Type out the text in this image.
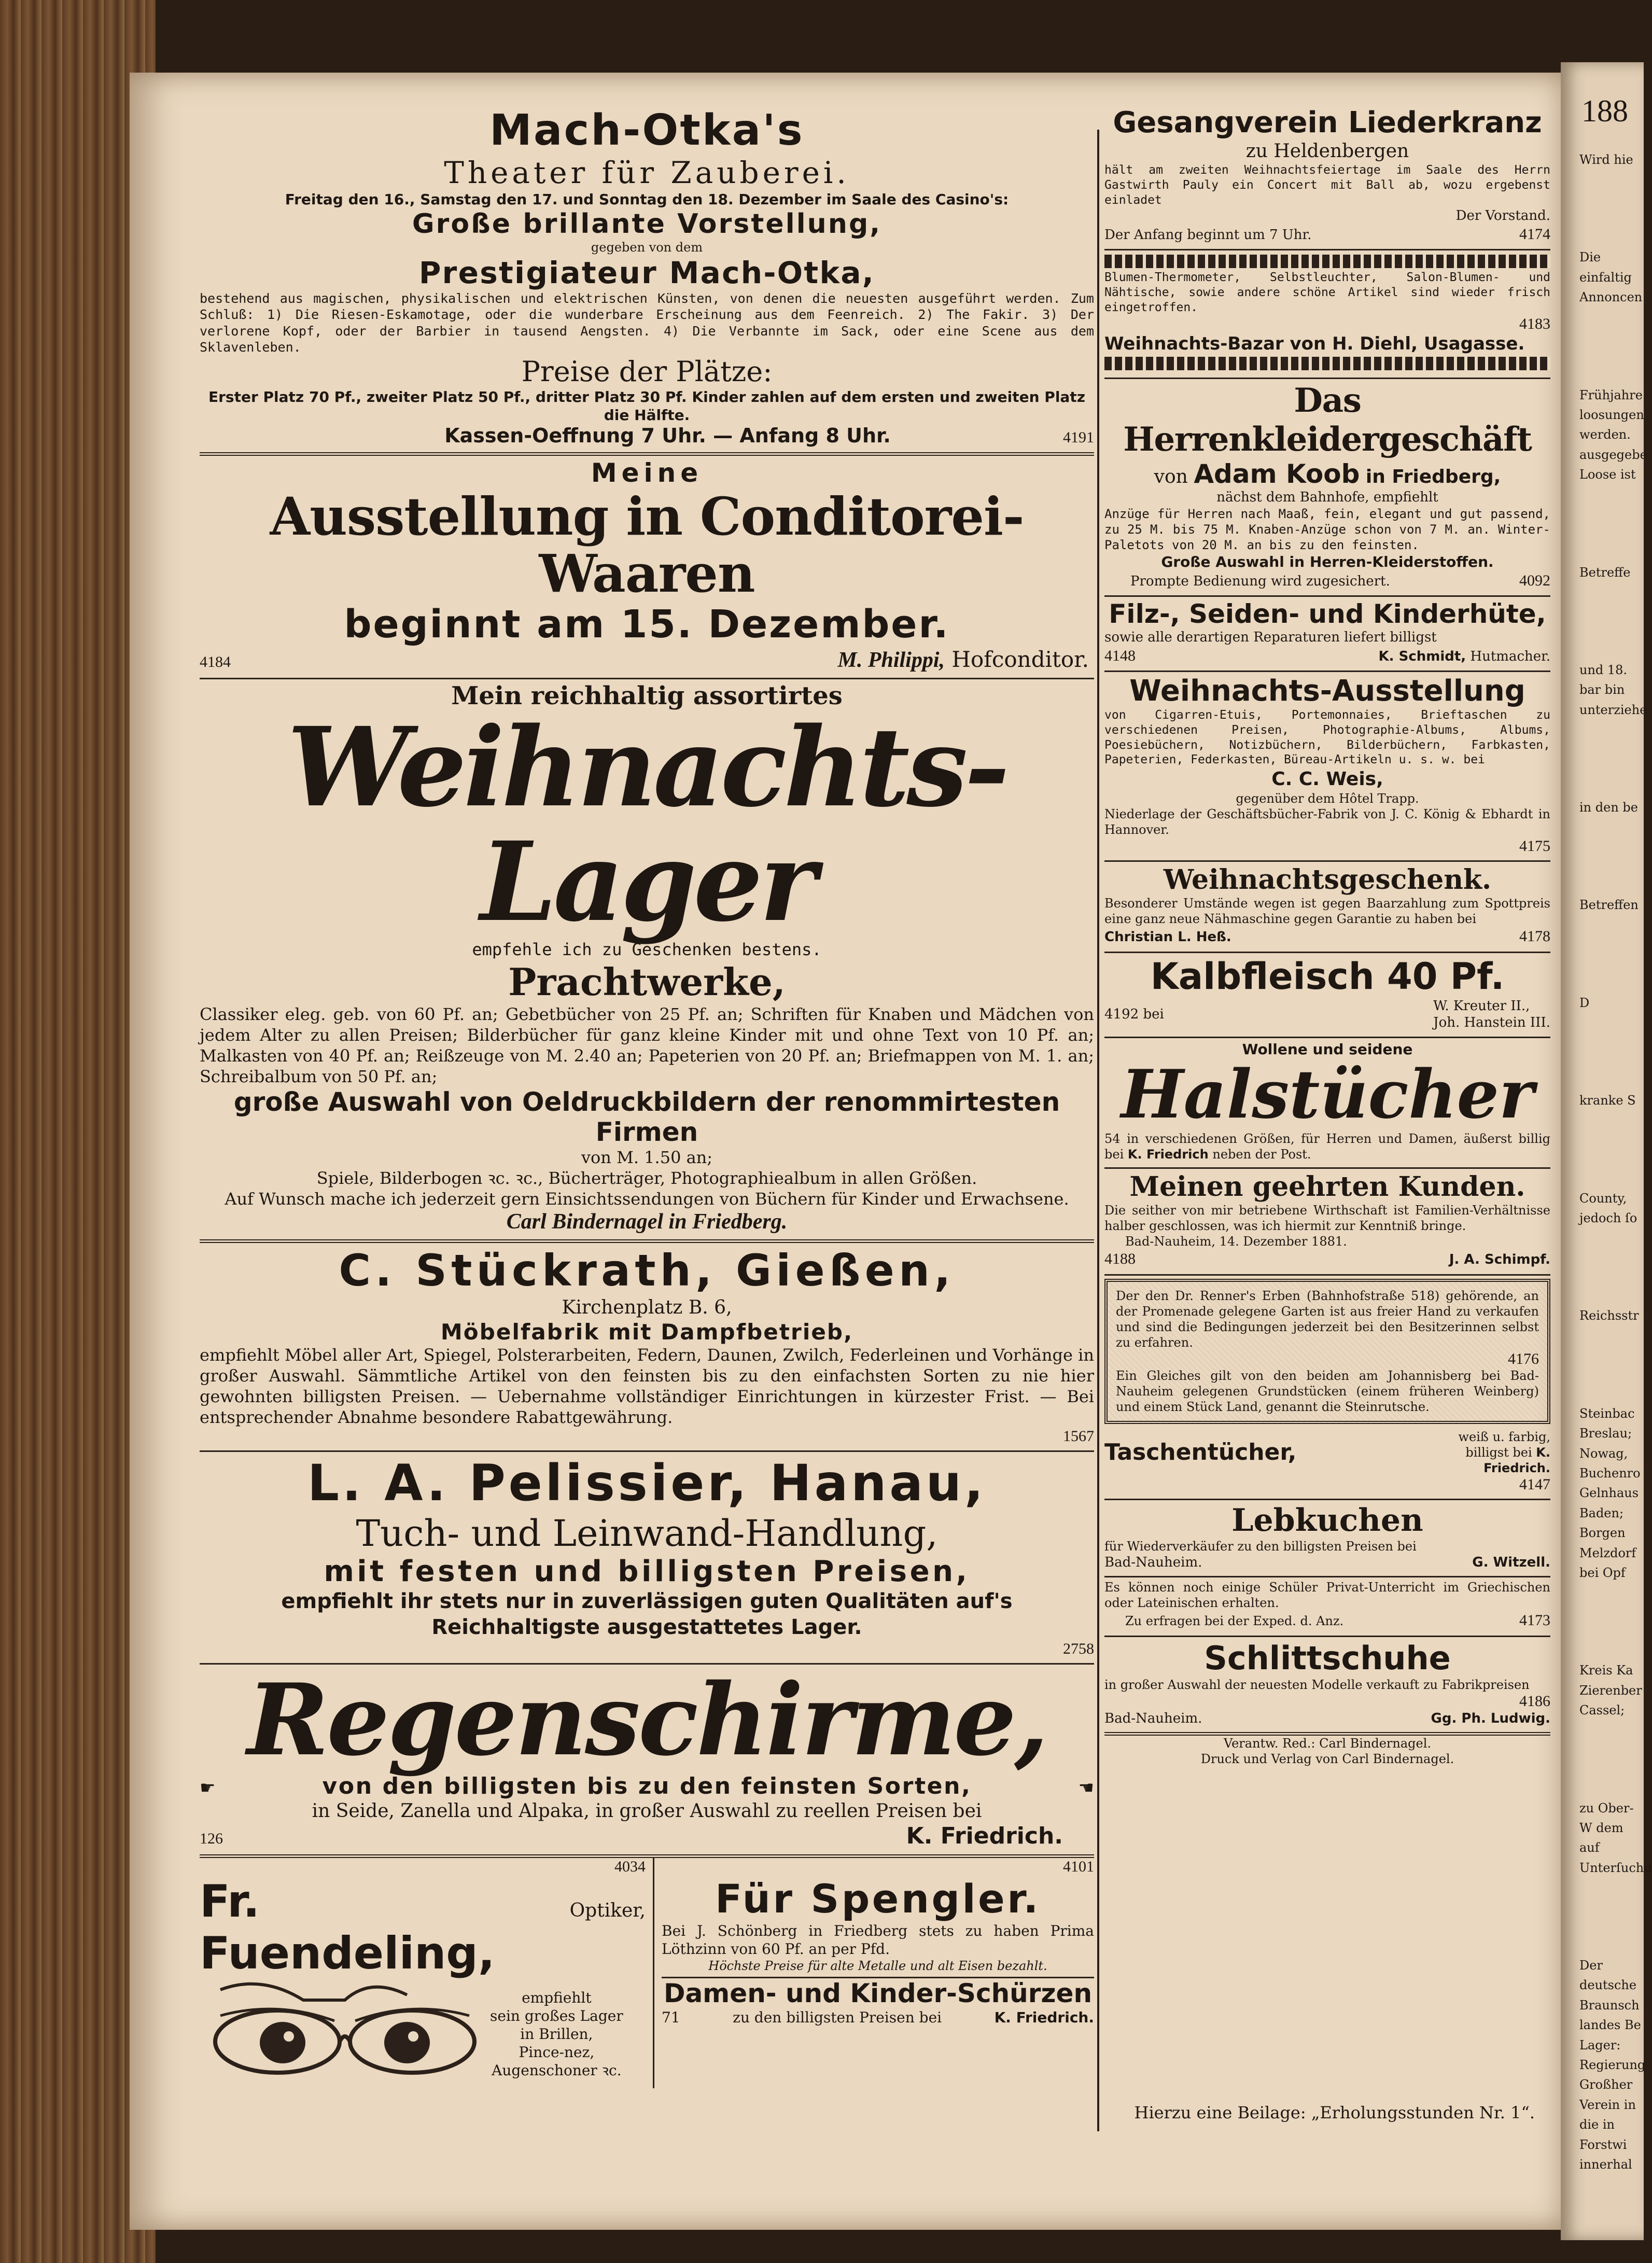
188
Wird hie
Die einfaltig Annoncen
Frühjahre loosungen werden. ausgegebe Loose ist
Betreffe
und 18. bar bin unterziehe
in den be
Betreffen
D
kranke S
County, jedoch ſo
Reichsstr
Steinbac Breslau; Nowag, Buchenro Gelnhaus Baden; Borgen Melzdorf bei Opf
Kreis Ka Zierenber Cassel;
zu Ober-W dem auf Unterſuchu
Der deutsche Braunsch landes Be Lager: Regierung Großher Verein in die in Forstwi innerhal
Mach-Otka's
Theater für Zauberei.
Freitag den 16., Samstag den 17. und Sonntag den 18. Dezember im Saale des Casino's:
Große brillante Vorstellung,
gegeben von dem
Prestigiateur Mach-Otka,
bestehend aus magischen, physikalischen und elektrischen Künsten, von denen die neuesten ausgeführt werden. Zum Schluß: 1) Die Riesen-Eskamotage, oder die wunderbare Erscheinung aus dem Feenreich. 2) The Fakir. 3) Der verlorene Kopf, oder der Barbier in tausend Aengsten. 4) Die Verbannte im Sack, oder eine Scene aus dem Sklavenleben.
Preise der Plätze:
Erster Platz 70 Pf., zweiter Platz 50 Pf., dritter Platz 30 Pf. Kinder zahlen auf dem ersten und zweiten Platz die Hälfte.
Kassen-Oeffnung 7 Uhr. — Anfang 8 Uhr.	4191
Meine
Ausstellung in Conditorei-Waaren
beginnt am 15. Dezember.
4184	M. Philippi, Hofconditor.
Mein reichhaltig assortirtes
Weihnachts-Lager
empfehle ich zu Geschenken bestens.
Prachtwerke,
Classiker eleg. geb. von 60 Pf. an; Gebetbücher von 25 Pf. an; Schriften für Knaben und Mädchen von jedem Alter zu allen Preisen; Bilderbücher für ganz kleine Kinder mit und ohne Text von 10 Pf. an; Malkasten von 40 Pf. an; Reißzeuge von M. 2.40 an; Papeterien von 20 Pf. an; Briefmappen von M. 1. an; Schreibalbum von 50 Pf. an;
große Auswahl von Oeldruckbildern der renommirtesten Firmen
von M. 1.50 an;
Spiele, Bilderbogen ꝛc. ꝛc., Bücherträger, Photographiealbum in allen Größen.
Auf Wunsch mache ich jederzeit gern Einsichtssendungen von Büchern für Kinder und Erwachsene.
Carl Bindernagel in Friedberg.
C. Stückrath, Gießen,
Kirchenplatz B. 6,
Möbelfabrik mit Dampfbetrieb,
empfiehlt Möbel aller Art, Spiegel, Polsterarbeiten, Federn, Daunen, Zwilch, Federleinen und Vorhänge in großer Auswahl. Sämmtliche Artikel von den feinsten bis zu den einfachsten Sorten zu nie hier gewohnten billigsten Preisen. — Uebernahme vollständiger Einrichtungen in kürzester Frist. — Bei entsprechender Abnahme besondere Rabattgewährung.
1567
L. A. Pelissier, Hanau,
Tuch- und Leinwand-Handlung,
mit festen und billigsten Preisen,
empfiehlt ihr stets nur in zuverlässigen guten Qualitäten auf's Reichhaltigste ausgestattetes Lager.
2758
Regenschirme,
☛	von den billigsten bis zu den feinsten Sorten,	☚
in Seide, Zanella und Alpaka, in großer Auswahl zu reellen Preisen bei
126	K. Friedrich.
4034
Fr. Fuendeling,
Optiker,
empfiehlt
sein großes Lager
in Brillen,
Pince-nez,
Augenschoner ꝛc.
4101
Für Spengler.
Bei J. Schönberg in Friedberg stets zu haben Prima Löthzinn von 60 Pf. an per Pfd.
Höchste Preise für alte Metalle und alt Eisen bezahlt.
Damen- und Kinder-Schürzen
71	zu den billigsten Preisen bei	K. Friedrich.
Gesangverein Liederkranz
zu Heldenbergen
hält am zweiten Weihnachtsfeiertage im Saale des Herrn Gastwirth Pauly ein Concert mit Ball ab, wozu ergebenst einladet
Der Vorstand.
Der Anfang beginnt um 7 Uhr.	4174
Blumen-Thermometer, Selbstleuchter, Salon-Blumen- und Nähtische, sowie andere schöne Artikel sind wieder frisch eingetroffen.
4183
Weihnachts-Bazar von H. Diehl, Usagasse.
Das Herrenkleidergeschäft
von Adam Koob in Friedberg,
nächst dem Bahnhofe, empfiehlt
Anzüge für Herren nach Maaß, fein, elegant und gut passend, zu 25 M. bis 75 M. Knaben-Anzüge schon von 7 M. an. Winter-Paletots von 20 M. an bis zu den feinsten.
Große Auswahl in Herren-Kleiderstoffen.
Prompte Bedienung wird zugesichert.	4092
Filz-, Seiden- und Kinderhüte,
sowie alle derartigen Reparaturen liefert billigst
4148	K. Schmidt, Hutmacher.
Weihnachts-Ausstellung
von Cigarren-Etuis, Portemonnaies, Brieftaschen zu verschiedenen Preisen, Photographie-Albums, Albums, Poesiebüchern, Notizbüchern, Bilderbüchern, Farbkasten, Papeterien, Federkasten, Büreau-Artikeln u. s. w. bei
C. C. Weis,
gegenüber dem Hôtel Trapp.
Niederlage der Geschäftsbücher-Fabrik von J. C. König & Ebhardt in Hannover.
4175
Weihnachtsgeschenk.
Besonderer Umstände wegen ist gegen Baarzahlung zum Spottpreis eine ganz neue Nähmaschine gegen Garantie zu haben bei
Christian L. Heß.	4178
Kalbfleisch 40 Pf.
4192 bei
W. Kreuter II.,
Joh. Hanstein III.
Wollene und seidene
Halstücher
54 in verschiedenen Größen, für Herren und Damen, äußerst billig bei K. Friedrich neben der Post.
Meinen geehrten Kunden.
Die seither von mir betriebene Wirthschaft ist Familien-Verhältnisse halber geschlossen, was ich hiermit zur Kenntniß bringe.
Bad-Nauheim, 14. Dezember 1881.
4188	J. A. Schimpf.
Der den Dr. Renner's Erben (Bahnhofstraße 518) gehörende, an der Promenade gelegene Garten ist aus freier Hand zu verkaufen und sind die Bedingungen jederzeit bei den Besitzerinnen selbst zu erfahren.
4176
Ein Gleiches gilt von den beiden am Johannisberg bei Bad-Nauheim gelegenen Grundstücken (einem früheren Weinberg) und einem Stück Land, genannt die Steinrutsche.
Taschentücher,
weiß u. farbig, billigst bei K. Friedrich.
4147
Lebkuchen
für Wiederverkäufer zu den billigsten Preisen bei
Bad-Nauheim.	G. Witzell.
Es können noch einige Schüler Privat-Unterricht im Griechischen oder Lateinischen erhalten.
Zu erfragen bei der Exped. d. Anz.	4173
Schlittschuhe
in großer Auswahl der neuesten Modelle verkauft zu Fabrikpreisen
4186
Bad-Nauheim.	Gg. Ph. Ludwig.
Verantw. Red.: Carl Bindernagel.
Druck und Verlag von Carl Bindernagel.
Hierzu eine Beilage: „Erholungsstunden Nr. 1“.
